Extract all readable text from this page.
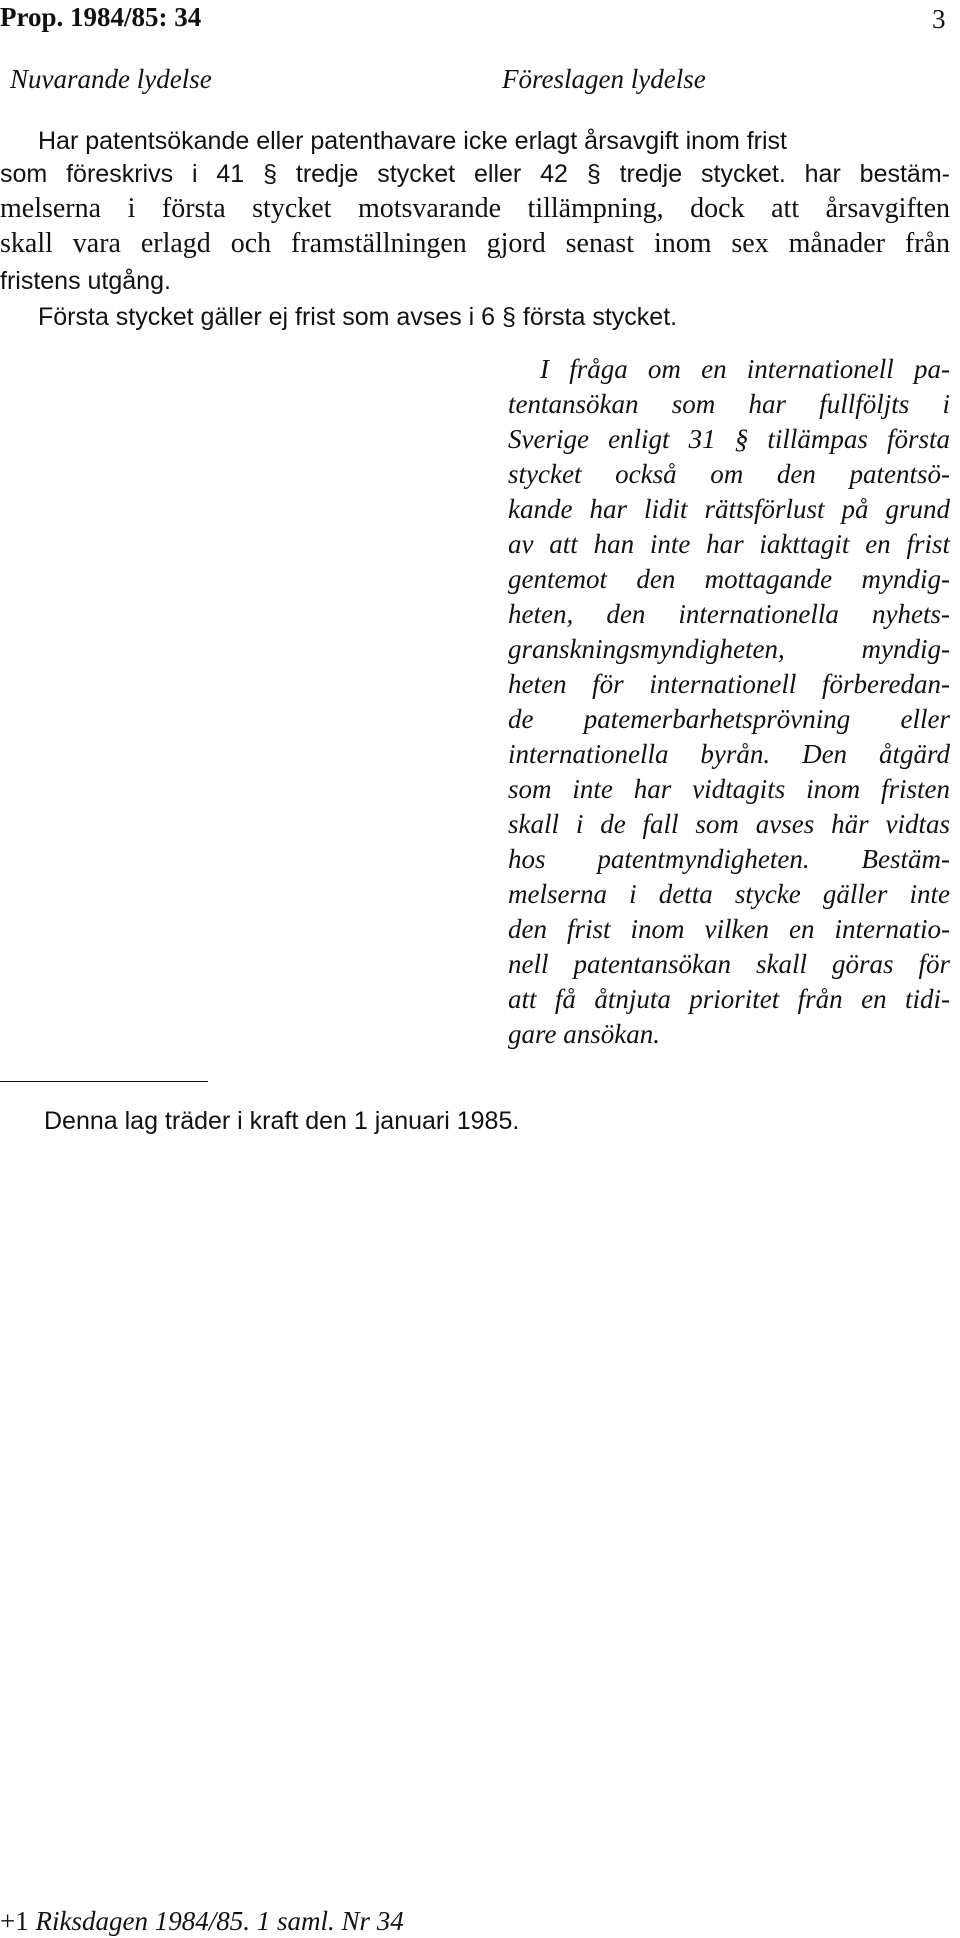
Prop. 1984/85: 34	3
Nuvarande lydelse	Föreslagen lydelse
Har patentsökande eller patenthavare icke erlagt årsavgift inom frist
som föreskrivs i 41 § tredje stycket eller 42 § tredje stycket. har bestäm-
melserna i första stycket motsvarande tillämpning, dock att årsavgiften
skall vara erlagd och framställningen gjord senast inom sex månader från
fristens utgång.
Första stycket gäller ej frist som avses i 6 § första stycket.
I fråga om en internationell pa-
tentansökan som har fullföljts i
Sverige enligt 31 § tillämpas första
stycket också om den patentsö-
kande har lidit rättsförlust på grund
av att han inte har iakttagit en frist
gentemot den mottagande myndig-
heten, den internationella nyhets-
granskningsmyndigheten, myndig-
heten för internationell förberedan-
de patemerbarhetsprövning eller
internationella byrån. Den åtgärd
som inte har vidtagits inom fristen
skall i de fall som avses här vidtas
hos patentmyndigheten. Bestäm-
melserna i detta stycke gäller inte
den frist inom vilken en internatio-
nell patentansökan skall göras för
att få åtnjuta prioritet från en tidi-
gare ansökan.
Denna lag träder i kraft den 1 januari 1985.
+1 Riksdagen 1984/85. 1 saml. Nr 34
